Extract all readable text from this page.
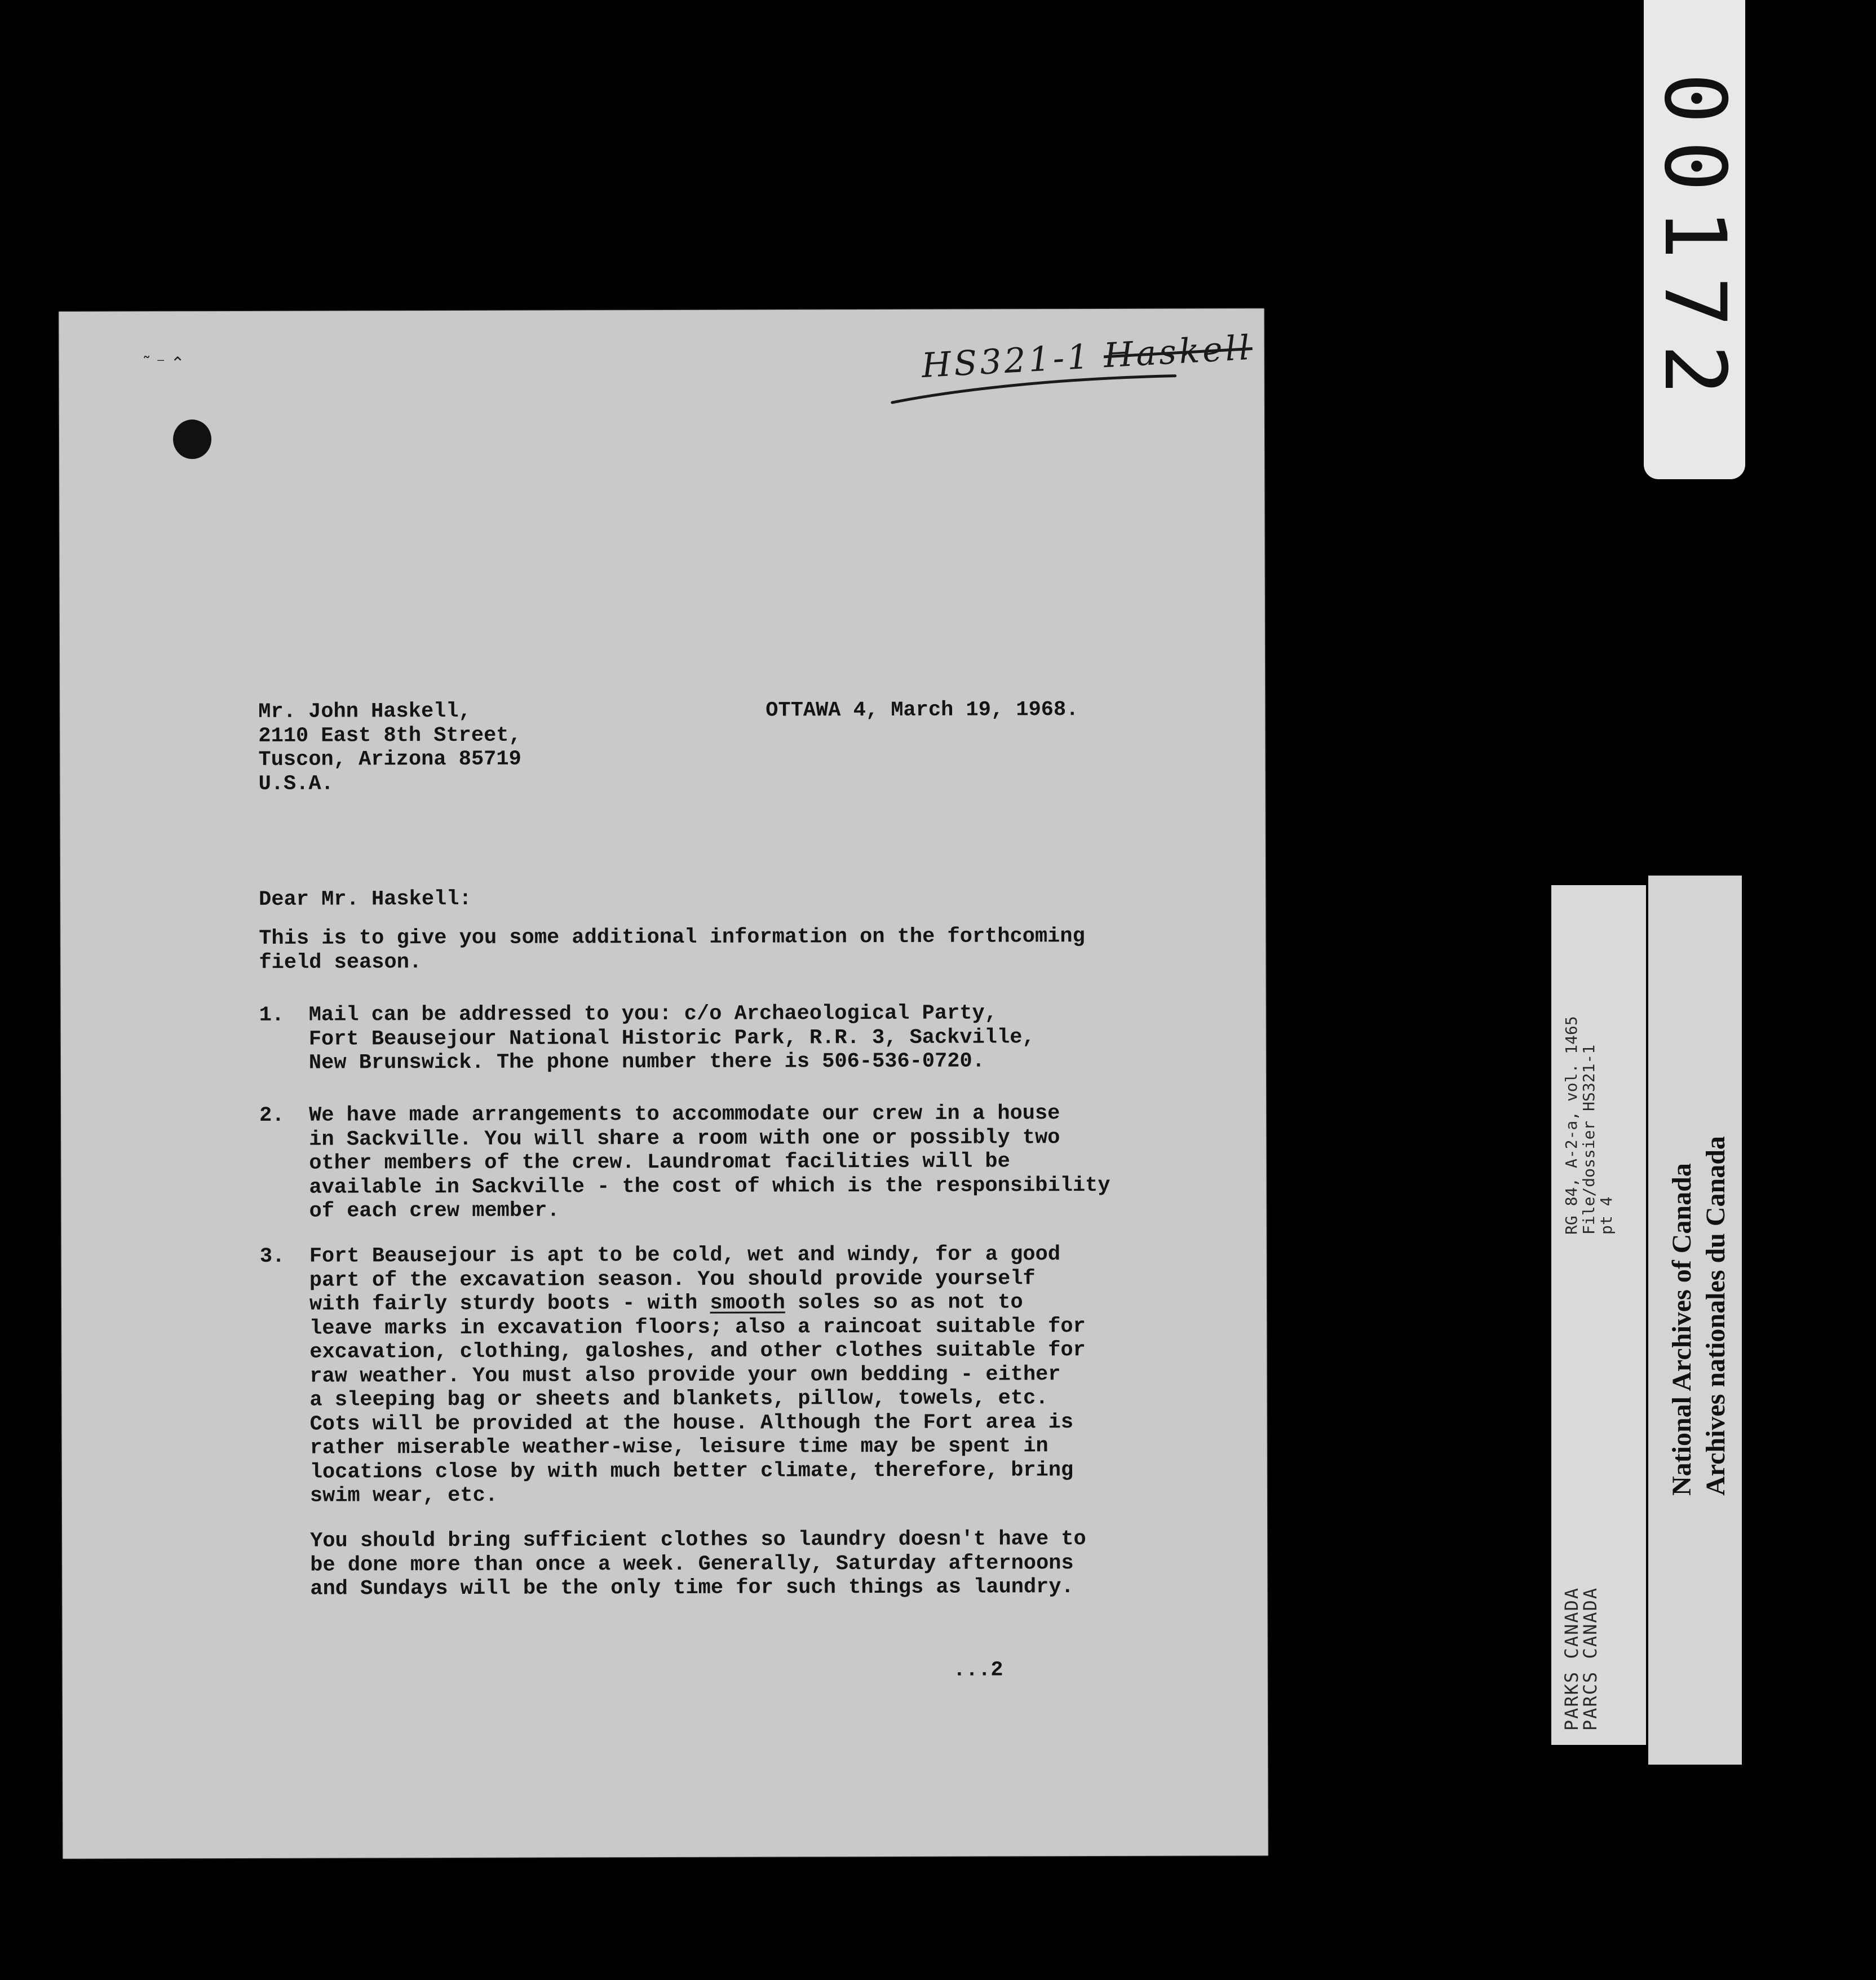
00172
RG 84, A-2-a, vol. 1465
File/dossier HS321-1
pt 4
PARKS CANADA
PARCS CANADA
National Archives of Canada
Archives nationales du Canada
˜ ⁻ ⌃	HS321-1 Haskell
Mr. John Haskell,
2110 East 8th Street,
Tuscon, Arizona 85719
U.S.A.
OTTAWA 4, March 19, 1968.
Dear Mr. Haskell:
This is to give you some additional information on the forthcoming
field season.
1. Mail can be addressed to you: c/o Archaeological Party,
Fort Beausejour National Historic Park, R.R. 3, Sackville,
New Brunswick. The phone number there is 506-536-0720.
2. We have made arrangements to accommodate our crew in a house
in Sackville. You will share a room with one or possibly two
other members of the crew. Laundromat facilities will be
available in Sackville - the cost of which is the responsibility
of each crew member.
3. Fort Beausejour is apt to be cold, wet and windy, for a good
part of the excavation season. You should provide yourself
with fairly sturdy boots - with smooth soles so as not to
leave marks in excavation floors; also a raincoat suitable for
excavation, clothing, galoshes, and other clothes suitable for
raw weather. You must also provide your own bedding - either
a sleeping bag or sheets and blankets, pillow, towels, etc.
Cots will be provided at the house. Although the Fort area is
rather miserable weather-wise, leisure time may be spent in
locations close by with much better climate, therefore, bring
swim wear, etc.
You should bring sufficient clothes so laundry doesn't have to
be done more than once a week. Generally, Saturday afternoons
and Sundays will be the only time for such things as laundry.
...2
